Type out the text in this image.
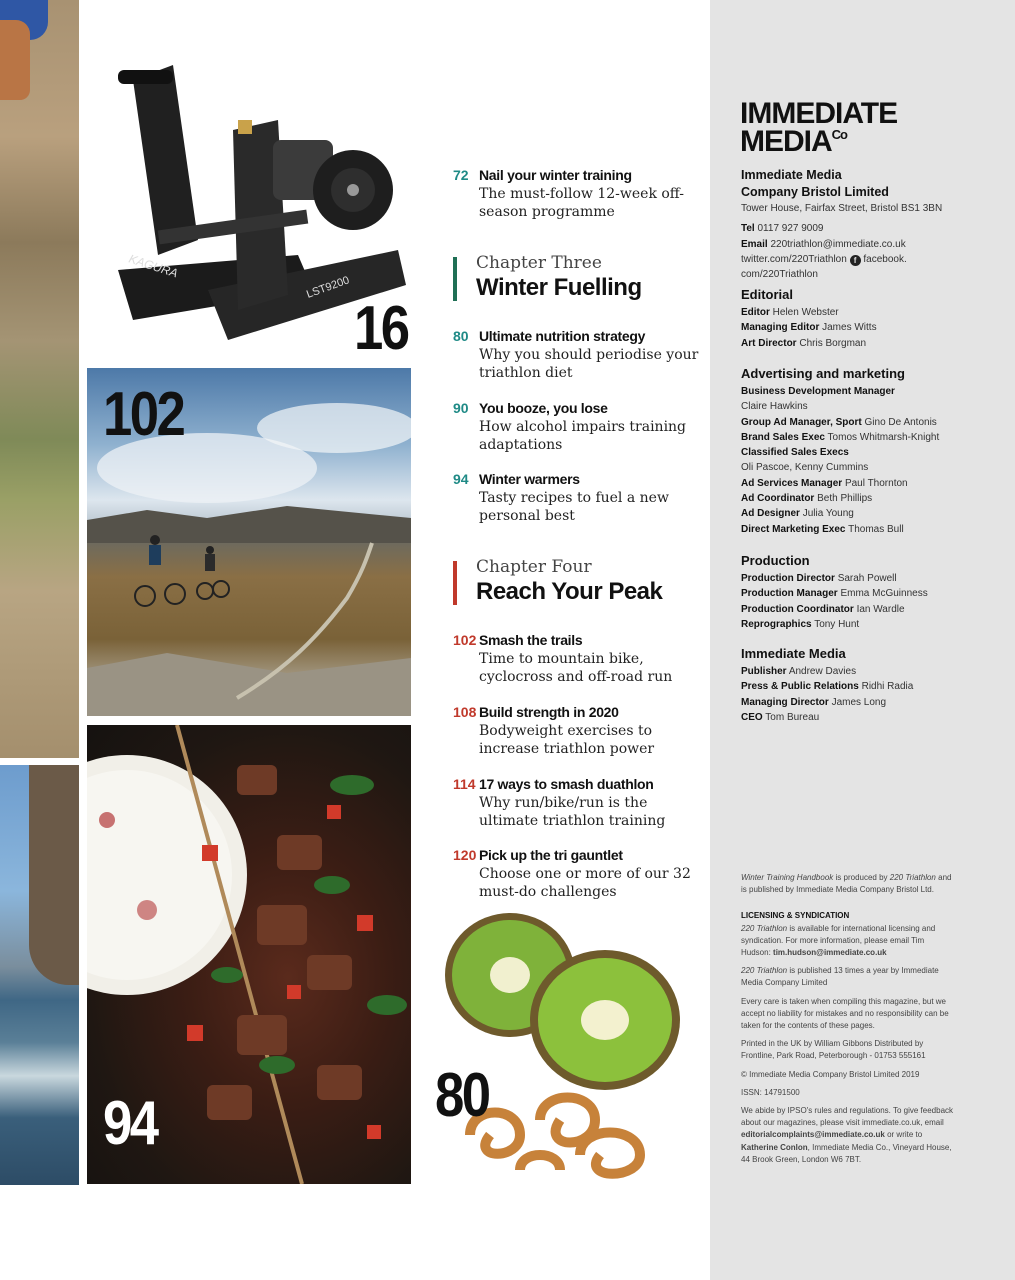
KAGURA
LST9200
16
102
94	80
72 Nail your winter training
The must-follow 12-week off-season programme
Chapter Three
Winter Fuelling
80 Ultimate nutrition strategy
Why you should periodise your triathlon diet
90 You booze, you lose
How alcohol impairs training adaptations
94 Winter warmers
Tasty recipes to fuel a new personal best
Chapter Four
Reach Your Peak
102 Smash the trails
Time to mountain bike, cyclocross and off-road run
108 Build strength in 2020
Bodyweight exercises to increase triathlon power
114 17 ways to smash duathlon
Why run/bike/run is the ultimate triathlon training
120 Pick up the tri gauntlet
Choose one or more of our 32 must-do challenges
IMMEDIATE
$MEDIA^{Co}$
Immediate Media
Company Bristol Limited
Tower House, Fairfax Street, Bristol BS1 3BN
Tel 0117 927 9009
Email 220triathlon@immediate.co.uk
twitter.com/220Triathlon f facebook.
com/220Triathlon
Editorial
Editor Helen Webster
Managing Editor James Witts
Art Director Chris Borgman
Advertising and marketing
Business Development Manager
Claire Hawkins
Group Ad Manager, Sport Gino De Antonis
Brand Sales Exec Tomos Whitmarsh-Knight
Classified Sales Execs
Oli Pascoe, Kenny Cummins
Ad Services Manager Paul Thornton
Ad Coordinator Beth Phillips
Ad Designer Julia Young
Direct Marketing Exec Thomas Bull
Production
Production Director Sarah Powell
Production Manager Emma McGuinness
Production Coordinator Ian Wardle
Reprographics Tony Hunt
Immediate Media
Publisher Andrew Davies
Press & Public Relations Ridhi Radia
Managing Director James Long
CEO Tom Bureau

Winter Training Handbook is produced by 220 Triathlon and is published by Immediate Media Company Bristol Ltd.

LICENSING & SYNDICATION
220 Triathlon is available for international licensing and syndication. For more information, please email Tim Hudson: tim.hudson@immediate.co.uk

220 Triathlon is published 13 times a year by Immediate Media Company Limited

Every care is taken when compiling this magazine, but we accept no liability for mistakes and no responsibility can be taken for the contents of these pages.

Printed in the UK by William Gibbons Distributed by Frontline, Park Road, Peterborough - 01753 555161

© Immediate Media Company Bristol Limited 2019

ISSN: 14791500

We abide by IPSO's rules and regulations. To give feedback about our magazines, please visit immediate.co.uk, email editorialcomplaints@immediate.co.uk or write to Katherine Conlon, Immediate Media Co., Vineyard House, 44 Brook Green, London W6 7BT.
